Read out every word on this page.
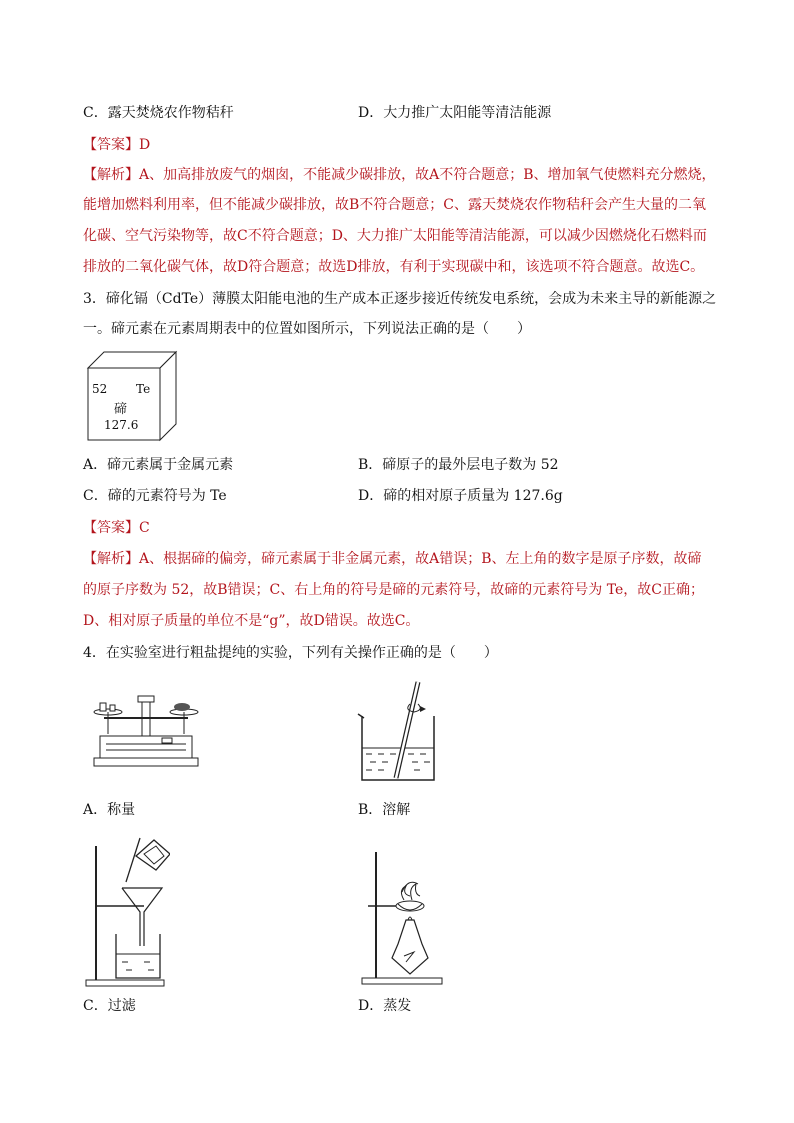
C．露天焚烧农作物秸秆	D．大力推广太阳能等清洁能源
【答案】D
【解析】A、加高排放废气的烟囱，不能减少碳排放，故A不符合题意；B、增加氧气使燃料充分燃烧，
能增加燃料利用率，但不能减少碳排放，故B不符合题意；C、露天焚烧农作物秸秆会产生大量的二氧
化碳、空气污染物等，故C不符合题意；D、大力推广太阳能等清洁能源，可以减少因燃烧化石燃料而
排放的二氧化碳气体，故D符合题意；故选D排放，有利于实现碳中和，该选项不符合题意。故选C。
3．碲化镉（CdTe）薄膜太阳能电池的生产成本正逐步接近传统发电系统，会成为未来主导的新能源之
一。碲元素在元素周期表中的位置如图所示，下列说法正确的是（　　）
52 Te
碲
127.6
A．碲元素属于金属元素	B．碲原子的最外层电子数为 52
C．碲的元素符号为 Te	D．碲的相对原子质量为 127.6g
【答案】C
【解析】A、根据碲的偏旁，碲元素属于非金属元素，故A错误；B、左上角的数字是原子序数，故碲
的原子序数为 52，故B错误；C、右上角的符号是碲的元素符号，故碲的元素符号为 Te，故C正确；
D、相对原子质量的单位不是“g”，故D错误。故选C。
4．在实验室进行粗盐提纯的实验，下列有关操作正确的是（　　）
A．称量	B．溶解
C．过滤	D．蒸发
